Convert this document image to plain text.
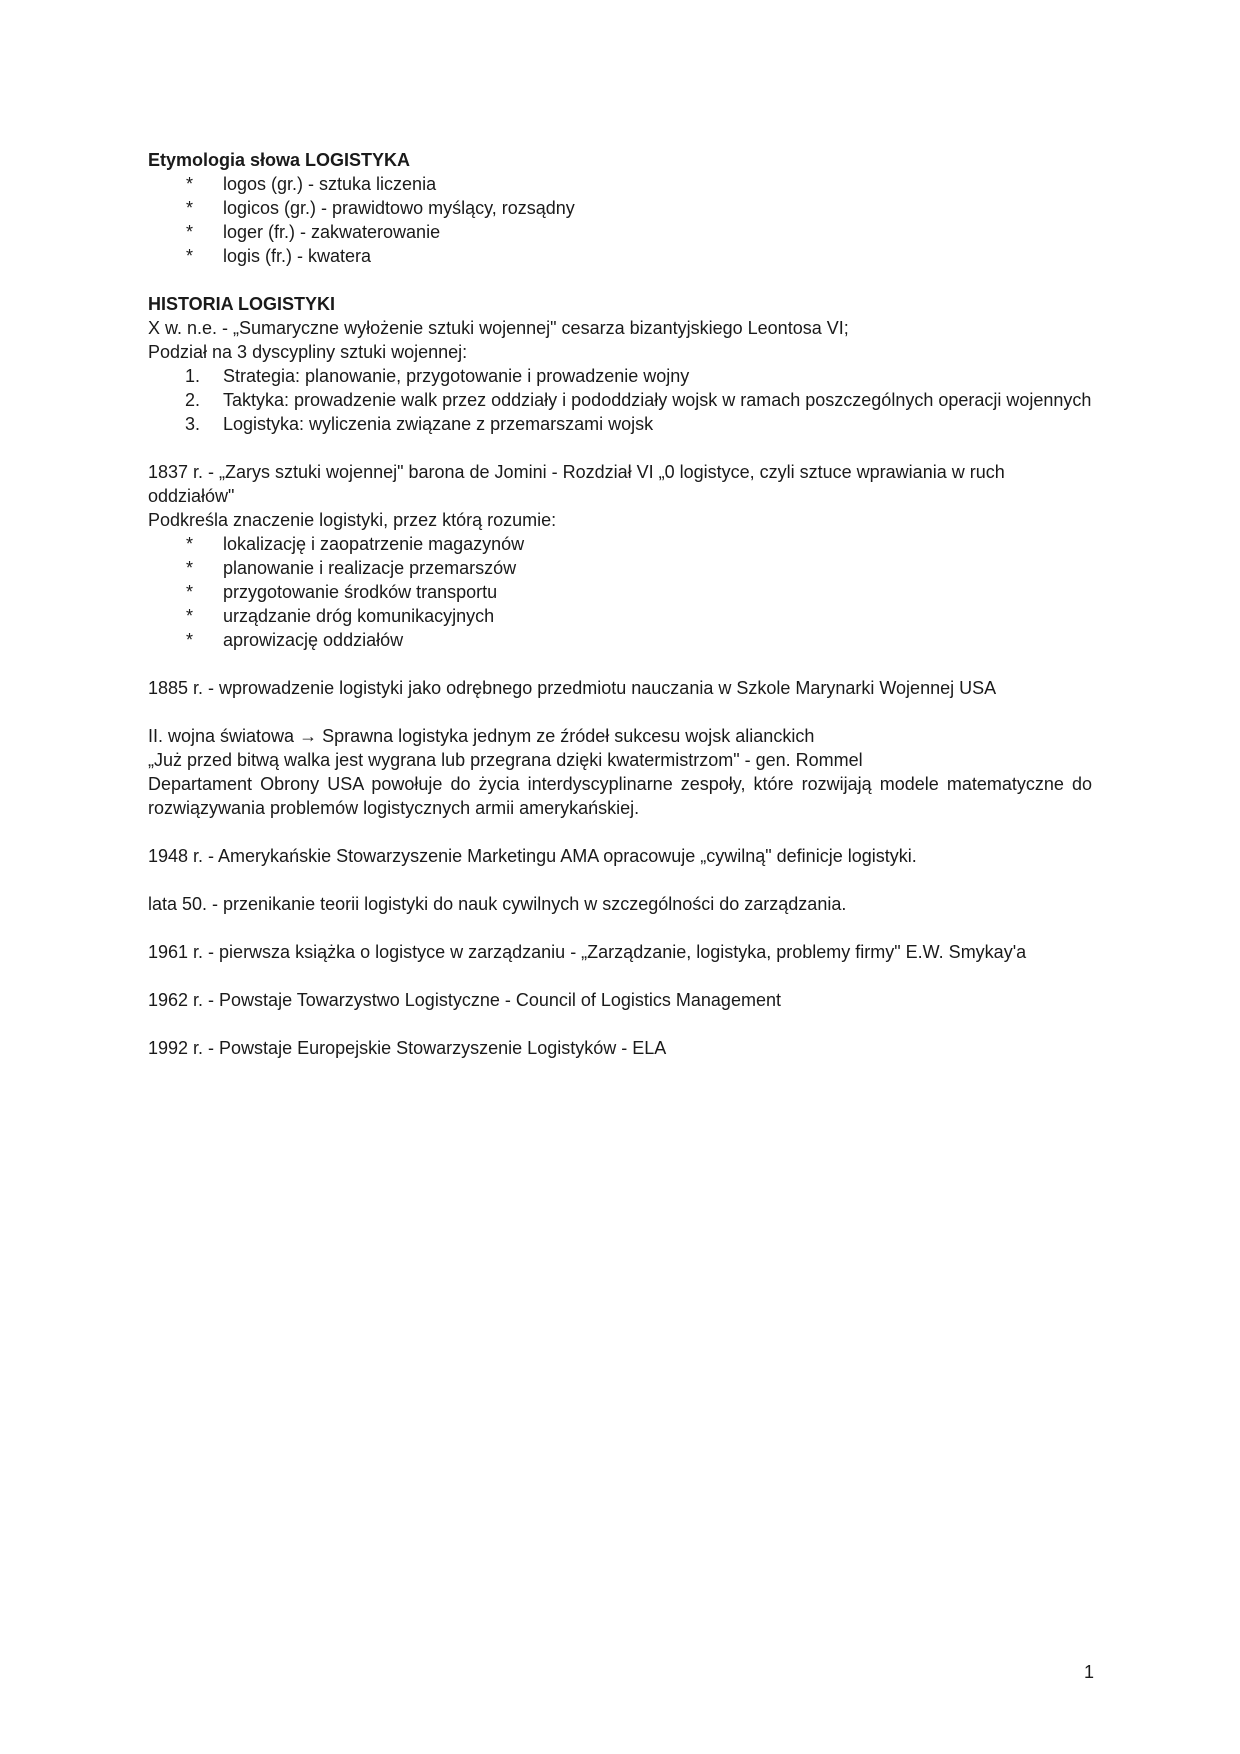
Etymologia słowa LOGISTYKA
* logos (gr.) - sztuka liczenia
* logicos (gr.) - prawidtowo myślący, rozsądny
* loger (fr.) - zakwaterowanie
* logis (fr.) - kwatera
HISTORIA LOGISTYKI

X w. n.e. - „Sumaryczne wyłożenie sztuki wojennej" cesarza bizantyjskiego Leontosa VI;

Podział na 3 dyscypliny sztuki wojennej:

1. Strategia: planowanie, przygotowanie i prowadzenie wojny
2. Taktyka: prowadzenie walk przez oddziały i pododdziały wojsk w ramach poszczególnych operacji wojennych
3. Logistyka: wyliczenia związane z przemarszami wojsk

1837 r. - „Zarys sztuki wojennej" barona de Jomini - Rozdział VI „0 logistyce, czyli sztuce wprawiania w ruch oddziałów"

Podkreśla znaczenie logistyki, przez którą rozumie:

* lokalizację i zaopatrzenie magazynów
* planowanie i realizacje przemarszów
* przygotowanie środków transportu
* urządzanie dróg komunikacyjnych
* aprowizację oddziałów

1885 r. - wprowadzenie logistyki jako odrębnego przedmiotu nauczania w Szkole Marynarki Wojennej USA

II. wojna światowa → Sprawna logistyka jednym ze źródeł sukcesu wojsk alianckich

„Już przed bitwą walka jest wygrana lub przegrana dzięki kwatermistrzom" - gen. Rommel

Departament Obrony USA powołuje do życia interdyscyplinarne zespoły, które rozwijają modele matematyczne do rozwiązywania problemów logistycznych armii amerykańskiej.

1948 r. - Amerykańskie Stowarzyszenie Marketingu AMA opracowuje „cywilną" definicje logistyki.

lata 50. - przenikanie teorii logistyki do nauk cywilnych w szczególności do zarządzania.

1961 r. - pierwsza książka o logistyce w zarządzaniu - „Zarządzanie, logistyka, problemy firmy" E.W. Smykay'a

1962 r. - Powstaje Towarzystwo Logistyczne - Council of Logistics Management

1992 r. - Powstaje Europejskie Stowarzyszenie Logistyków - ELA

1
